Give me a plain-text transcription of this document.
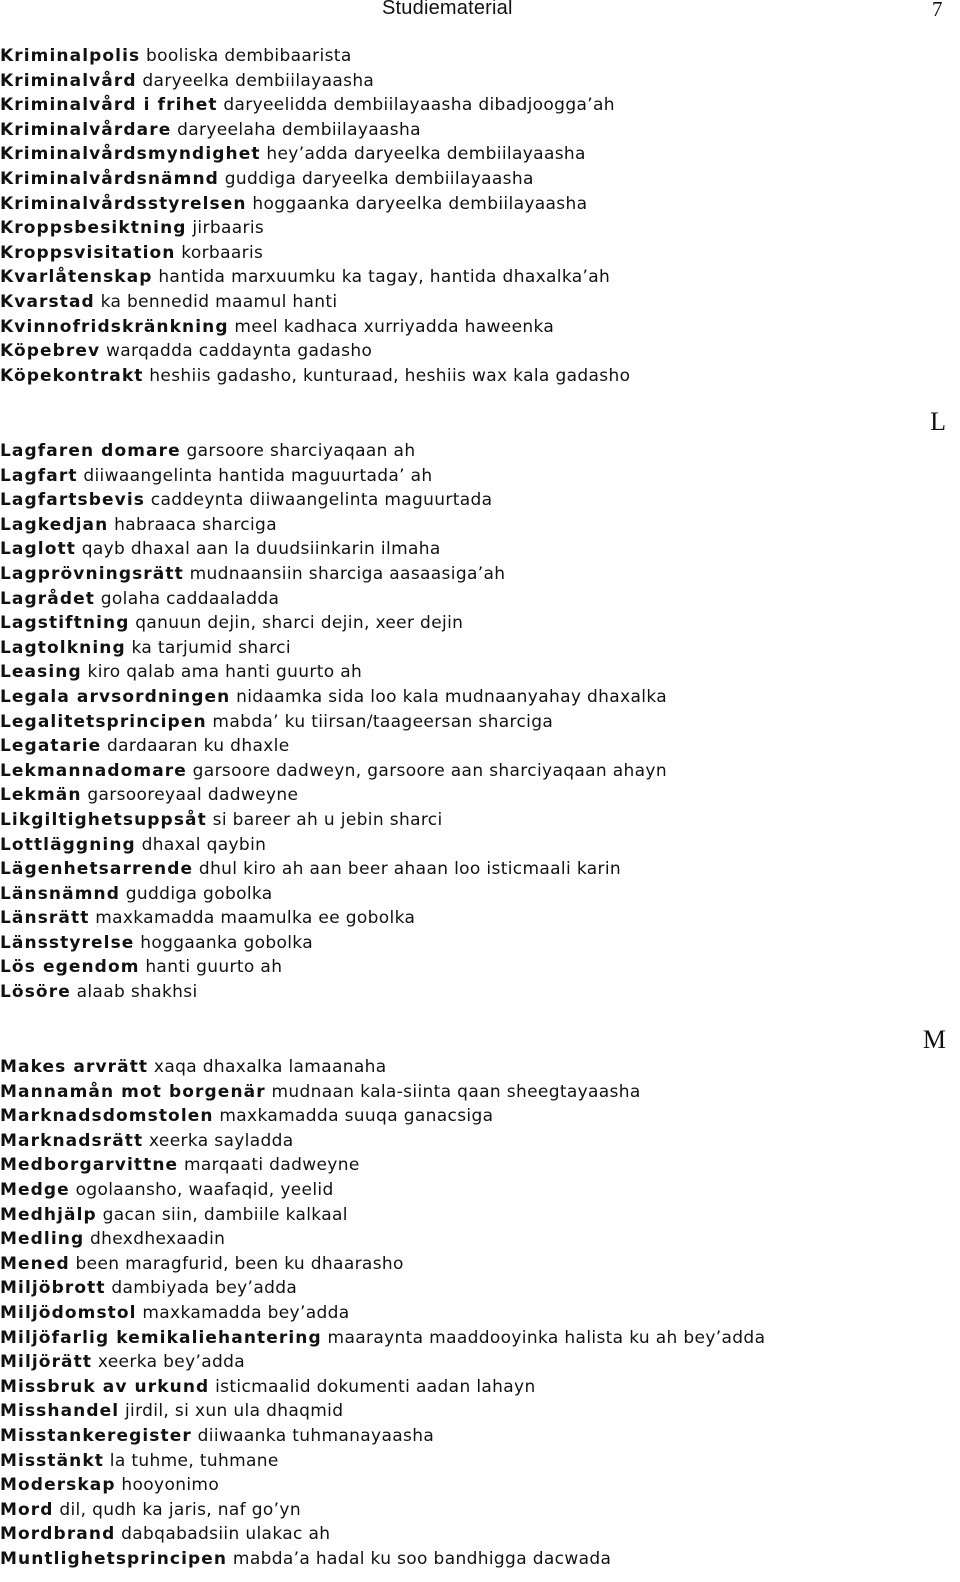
Studiematerial	7
Kriminalpolis booliska dembibaarista
Kriminalvård daryeelka dembiilayaasha
Kriminalvård i frihet daryeelidda dembiilayaasha dibadjoogga’ah
Kriminalvårdare daryeelaha dembiilayaasha
Kriminalvårdsmyndighet hey’adda daryeelka dembiilayaasha
Kriminalvårdsnämnd guddiga daryeelka dembiilayaasha
Kriminalvårdsstyrelsen hoggaanka daryeelka dembiilayaasha
Kroppsbesiktning jirbaaris
Kroppsvisitation korbaaris
Kvarlåtenskap hantida marxuumku ka tagay, hantida dhaxalka’ah
Kvarstad ka bennedid maamul hanti
Kvinnofridskränkning meel kadhaca xurriyadda haweenka
Köpebrev warqadda caddaynta gadasho
Köpekontrakt heshiis gadasho, kunturaad, heshiis wax kala gadasho
L
Lagfaren domare garsoore sharciyaqaan ah
Lagfart diiwaangelinta hantida maguurtada’ ah
Lagfartsbevis caddeynta diiwaangelinta maguurtada
Lagkedjan habraaca sharciga
Laglott qayb dhaxal aan la duudsiinkarin ilmaha
Lagprövningsrätt mudnaansiin sharciga aasaasiga’ah
Lagrådet golaha caddaaladda
Lagstiftning qanuun dejin, sharci dejin, xeer dejin
Lagtolkning ka tarjumid sharci
Leasing kiro qalab ama hanti guurto ah
Legala arvsordningen nidaamka sida loo kala mudnaanyahay dhaxalka
Legalitetsprincipen mabda’ ku tiirsan/taageersan sharciga
Legatarie dardaaran ku dhaxle
Lekmannadomare garsoore dadweyn, garsoore aan sharciyaqaan ahayn
Lekmän garsooreyaal dadweyne
Likgiltighetsuppsåt si bareer ah u jebin sharci
Lottläggning dhaxal qaybin
Lägenhetsarrende dhul kiro ah aan beer ahaan loo isticmaali karin
Länsnämnd guddiga gobolka
Länsrätt maxkamadda maamulka ee gobolka
Länsstyrelse hoggaanka gobolka
Lös egendom hanti guurto ah
Lösöre alaab shakhsi
M
Makes arvrätt xaqa dhaxalka lamaanaha
Mannamån mot borgenär mudnaan kala-siinta qaan sheegtayaasha
Marknadsdomstolen maxkamadda suuqa ganacsiga
Marknadsrätt xeerka sayladda
Medborgarvittne marqaati dadweyne
Medge ogolaansho, waafaqid, yeelid
Medhjälp gacan siin, dambiile kalkaal
Medling dhexdhexaadin
Mened been maragfurid, been ku dhaarasho
Miljöbrott dambiyada bey’adda
Miljödomstol maxkamadda bey’adda
Miljöfarlig kemikaliehantering maaraynta maaddooyinka halista ku ah bey’adda
Miljörätt xeerka bey’adda
Missbruk av urkund isticmaalid dokumenti aadan lahayn
Misshandel jirdil, si xun ula dhaqmid
Misstankeregister diiwaanka tuhmanayaasha
Misstänkt la tuhme, tuhmane
Moderskap hooyonimo
Mord dil, qudh ka jaris, naf go’yn
Mordbrand dabqabadsiin ulakac ah
Muntlighetsprincipen mabda’a hadal ku soo bandhigga dacwada
